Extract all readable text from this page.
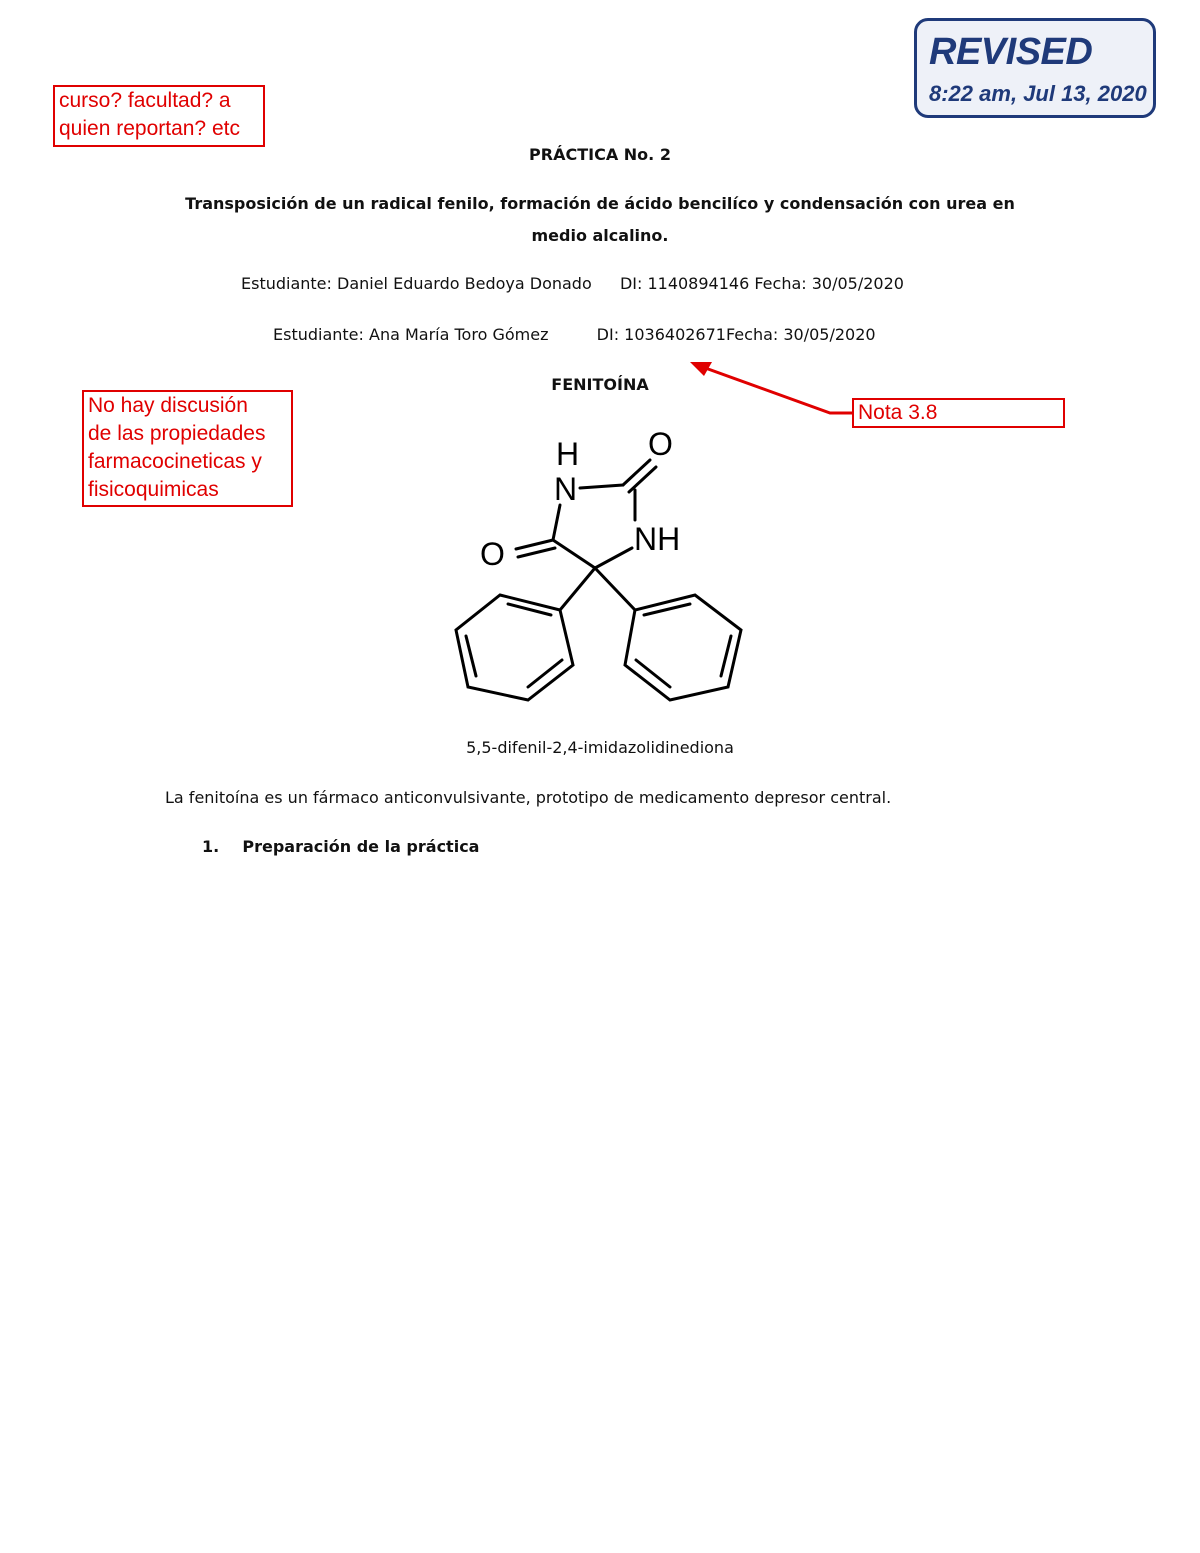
REVISED
8:22 am, Jul 13, 2020
curso? facultad? a
quien reportan? etc
No hay discusión
de las propiedades
farmacocineticas y
fisicoquimicas
Nota 3.8
PRÁCTICA No. 2
Transposición de un radical fenilo, formación de ácido bencilíco y condensación con urea en
medio alcalino.
Estudiante: Daniel Eduardo Bedoya Donado DI: 1140894146 Fecha: 30/05/2020
Estudiante: Ana María Toro Gómez	DI: 1036402671Fecha: 30/05/2020
FENITOÍNA
H
N
O
NH
O
5,5-difenil-2,4-imidazolidinediona
La fenitoína es un fármaco anticonvulsivante, prototipo de medicamento depresor central.
1. Preparación de la práctica
